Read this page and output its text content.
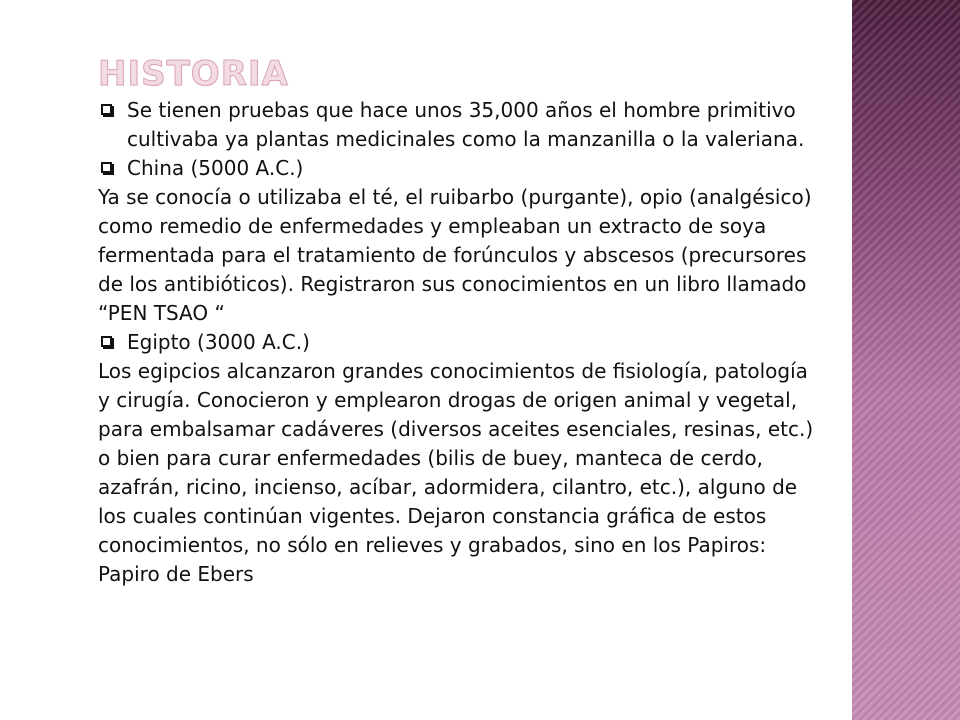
HISTORIA

Se tienen pruebas que hace unos 35,000 años el hombre primitivo cultivaba ya plantas medicinales como la manzanilla o la valeriana.

China (5000 A.C.)

Ya se conocía o utilizaba el té, el ruibarbo (purgante), opio (analgésico) como remedio de enfermedades y empleaban un extracto de soya fermentada para el tratamiento de forúnculos y abscesos (precursores de los antibióticos). Registraron sus conocimientos en un libro llamado “PEN TSAO “

Egipto (3000 A.C.)

Los egipcios alcanzaron grandes conocimientos de fisiología, patología y cirugía. Conocieron y emplearon drogas de origen animal y vegetal, para embalsamar cadáveres (diversos aceites esenciales, resinas, etc.) o bien para curar enfermedades (bilis de buey, manteca de cerdo, azafrán, ricino, incienso, acíbar, adormidera, cilantro, etc.), alguno de los cuales continúan vigentes. Dejaron constancia gráfica de estos conocimientos, no sólo en relieves y grabados, sino en los Papiros: Papiro de Ebers
